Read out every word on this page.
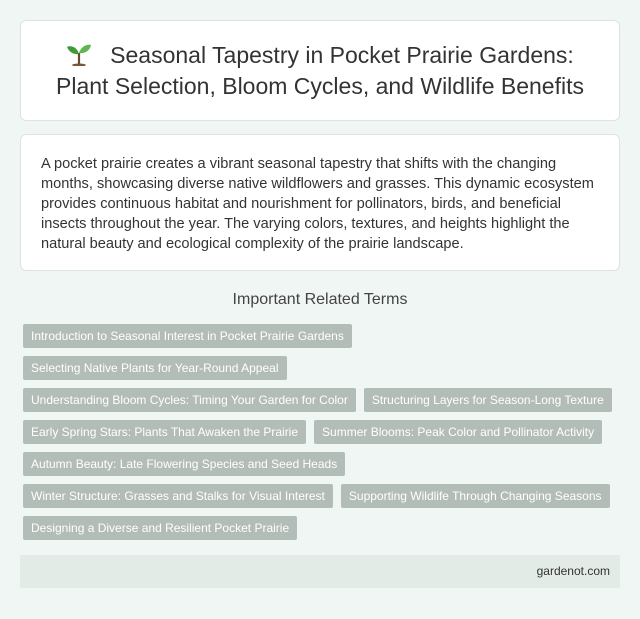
Seasonal Tapestry in Pocket Prairie Gardens:
Plant Selection, Bloom Cycles, and Wildlife Benefits

A pocket prairie creates a vibrant seasonal tapestry that shifts with the changing months, showcasing diverse native wildflowers and grasses. This dynamic ecosystem provides continuous habitat and nourishment for pollinators, birds, and beneficial insects throughout the year. The varying colors, textures, and heights highlight the natural beauty and ecological complexity of the prairie landscape.

Important Related Terms
Introduction to Seasonal Interest in Pocket Prairie Gardens
Selecting Native Plants for Year-Round Appeal
Understanding Bloom Cycles: Timing Your Garden for Color	Structuring Layers for Season-Long Texture
Early Spring Stars: Plants That Awaken the Prairie	Summer Blooms: Peak Color and Pollinator Activity
Autumn Beauty: Late Flowering Species and Seed Heads
Winter Structure: Grasses and Stalks for Visual Interest	Supporting Wildlife Through Changing Seasons
Designing a Diverse and Resilient Pocket Prairie
gardenot.com
